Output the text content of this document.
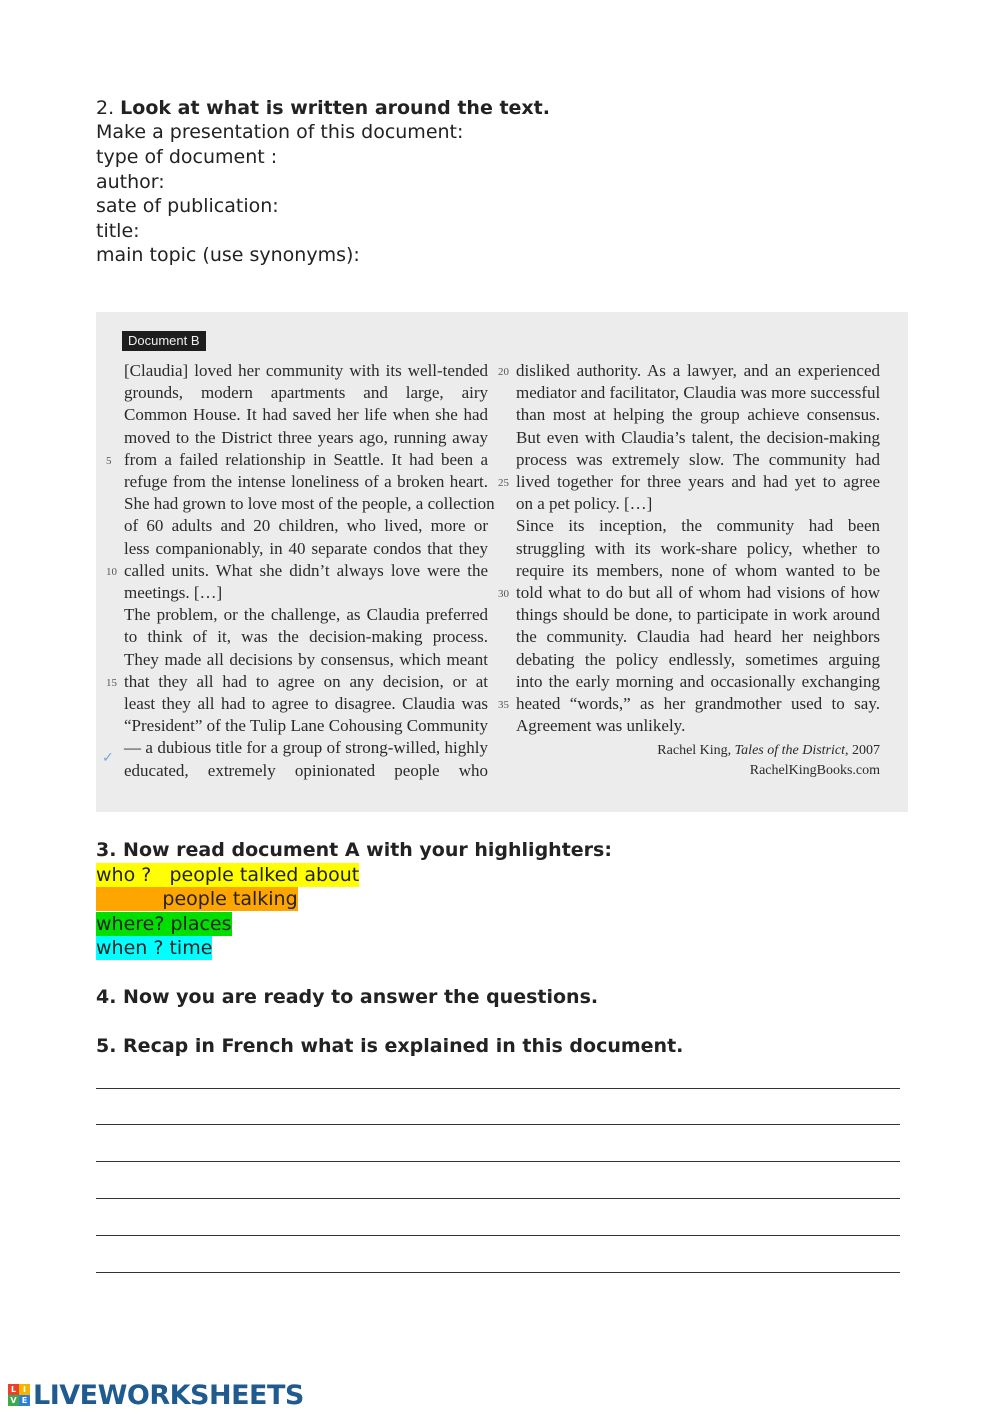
2. Look at what is written around the text.
Make a presentation of this document:
type of document :
author:
sate of publication:
title:
main topic (use synonyms):
Document B
[Claudia] loved her community with its well-tended
grounds, modern apartments and large, airy
Common House. It had saved her life when she had
moved to the District three years ago, running away
5 from a failed relationship in Seattle. It had been a
refuge from the intense loneliness of a broken heart.
She had grown to love most of the people, a collection
of 60 adults and 20 children, who lived, more or
less companionably, in 40 separate condos that they
10 called units. What she didn’t always love were the
meetings. […]
The problem, or the challenge, as Claudia preferred
to think of it, was the decision-making process.
They made all decisions by consensus, which meant
15 that they all had to agree on any decision, or at
least they all had to agree to disagree. Claudia was
“President” of the Tulip Lane Cohousing Community
— a dubious title for a group of strong-willed, highly
educated, extremely opinionated people who
20 disliked authority. As a lawyer, and an experienced
mediator and facilitator, Claudia was more successful
than most at helping the group achieve consensus.
But even with Claudia’s talent, the decision-making
process was extremely slow. The community had
25 lived together for three years and had yet to agree
on a pet policy. […]
Since its inception, the community had been
struggling with its work-share policy, whether to
require its members, none of whom wanted to be
30 told what to do but all of whom had visions of how
things should be done, to participate in work around
the community. Claudia had heard her neighbors
debating the policy endlessly, sometimes arguing
into the early morning and occasionally exchanging
35 heated “words,” as her grandmother used to say.
Agreement was unlikely.
Rachel King, Tales of the District, 2007
RachelKingBooks.com
✓
3. Now read document A with your highlighters:
who ?   people talked about
people talking
where? places
when ? time
4. Now you are ready to answer the questions.
5. Recap in French what is explained in this document.
L I
V E LIVEWORKSHEETS
